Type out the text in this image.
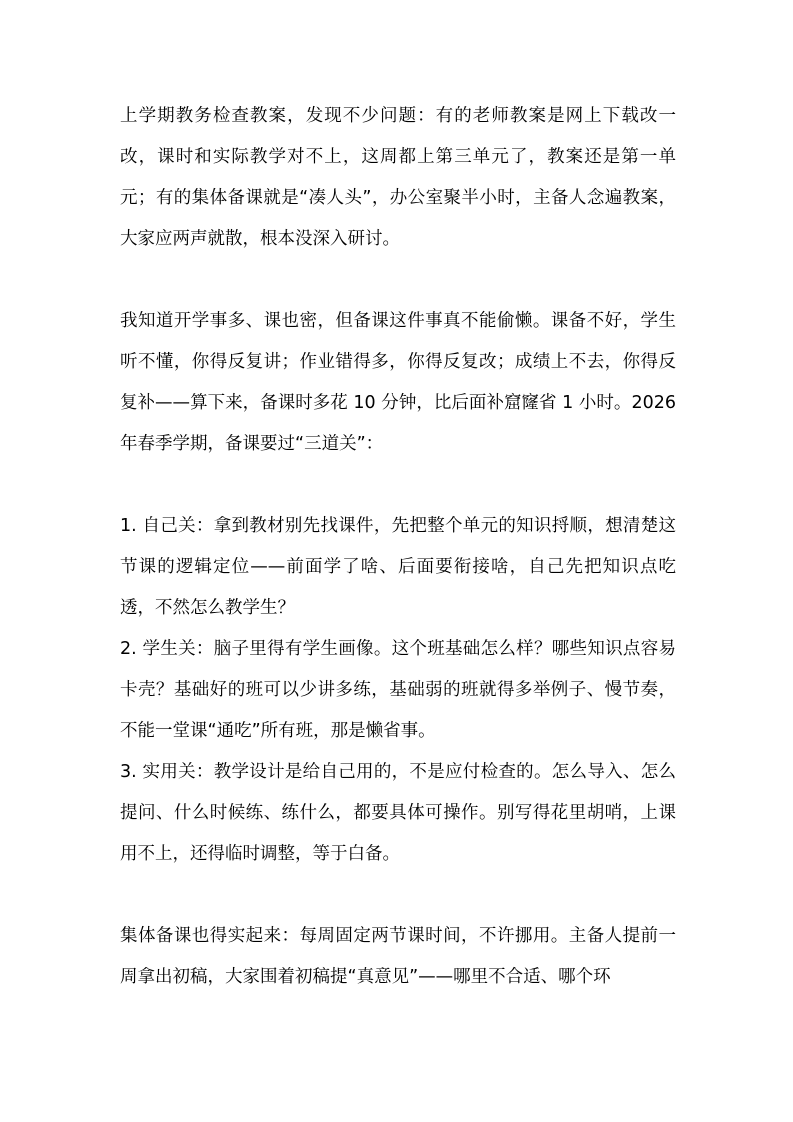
上学期教务检查教案，发现不少问题：有的老师教案是网上下载改一改，课时和实际教学对不上，这周都上第三单元了，教案还是第一单元；有的集体备课就是“凑人头”，办公室聚半小时，主备人念遍教案，大家应两声就散，根本没深入研讨。

我知道开学事多、课也密，但备课这件事真不能偷懒。课备不好，学生听不懂，你得反复讲；作业错得多，你得反复改；成绩上不去，你得反复补——算下来，备课时多花 10 分钟，比后面补窟窿省 1 小时。2026 年春季学期，备课要过“三道关”：

1. 自己关：拿到教材别先找课件，先把整个单元的知识捋顺，想清楚这节课的逻辑定位——前面学了啥、后面要衔接啥，自己先把知识点吃透，不然怎么教学生？

2. 学生关：脑子里得有学生画像。这个班基础怎么样？哪些知识点容易卡壳？基础好的班可以少讲多练，基础弱的班就得多举例子、慢节奏，不能一堂课“通吃”所有班，那是懒省事。

3. 实用关：教学设计是给自己用的，不是应付检查的。怎么导入、怎么提问、什么时候练、练什么，都要具体可操作。别写得花里胡哨，上课用不上，还得临时调整，等于白备。

集体备课也得实起来：每周固定两节课时间，不许挪用。主备人提前一周拿出初稿，大家围着初稿提“真意见”——哪里不合适、哪个环
